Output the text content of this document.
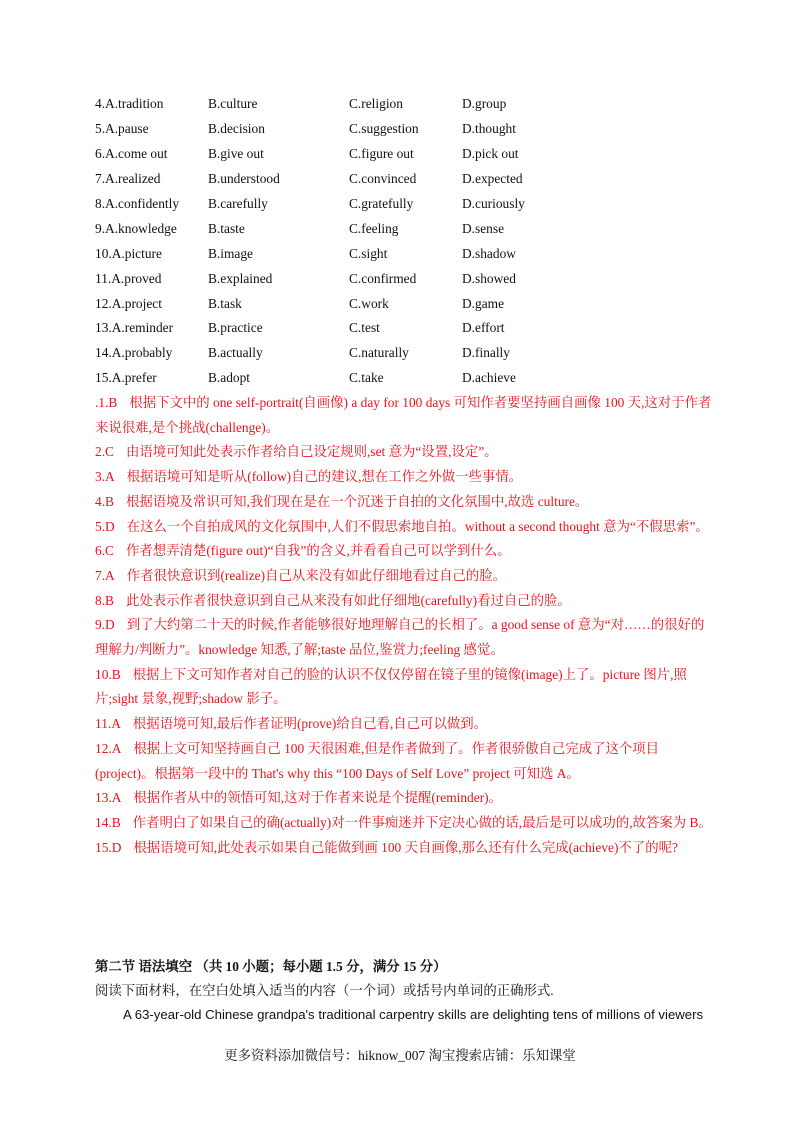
4.A.tradition	B.culture	C.religion	D.group
5.A.pause	B.decision	C.suggestion	D.thought
6.A.come out	B.give out	C.figure out	D.pick out
7.A.realized	B.understood	C.convinced	D.expected
8.A.confidently	B.carefully	C.gratefully	D.curiously
9.A.knowledge	B.taste	C.feeling	D.sense
10.A.picture	B.image	C.sight	D.shadow
11.A.proved	B.explained	C.confirmed	D.showed
12.A.project	B.task	C.work	D.game
13.A.reminder	B.practice	C.test	D.effort
14.A.probably	B.actually	C.naturally	D.finally
15.A.prefer	B.adopt	C.take	D.achieve
.1.B 根据下文中的 one self-portrait(自画像) a day for 100 days 可知作者要坚持画自画像 100 天,这对于作者来说很难,是个挑战(challenge)。
2.C 由语境可知此处表示作者给自己设定规则,set 意为“设置,设定”。
3.A 根据语境可知是听从(follow)自己的建议,想在工作之外做一些事情。
4.B 根据语境及常识可知,我们现在是在一个沉迷于自拍的文化氛围中,故选 culture。
5.D 在这么一个自拍成风的文化氛围中,人们不假思索地自拍。without a second thought 意为“不假思索”。
6.C 作者想弄清楚(figure out)“自我”的含义,并看看自己可以学到什么。
7.A 作者很快意识到(realize)自己从来没有如此仔细地看过自己的脸。
8.B 此处表示作者很快意识到自己从来没有如此仔细地(carefully)看过自己的脸。
9.D 到了大约第二十天的时候,作者能够很好地理解自己的长相了。a good sense of 意为“对……的很好的理解力/判断力”。knowledge 知悉,了解;taste 品位,鉴赏力;feeling 感觉。
10.B 根据上下文可知作者对自己的脸的认识不仅仅停留在镜子里的镜像(image)上了。picture 图片,照片;sight 景象,视野;shadow 影子。
11.A 根据语境可知,最后作者证明(prove)给自己看,自己可以做到。
12.A 根据上文可知坚持画自己 100 天很困难,但是作者做到了。作者很骄傲自己完成了这个项目(project)。根据第一段中的 That's why this “100 Days of Self Love” project 可知选 A。
13.A 根据作者从中的领悟可知,这对于作者来说是个提醒(reminder)。
14.B 作者明白了如果自己的确(actually)对一件事痴迷并下定决心做的话,最后是可以成功的,故答案为 B。
15.D 根据语境可知,此处表示如果自己能做到画 100 天自画像,那么还有什么完成(achieve)不了的呢?
第二节 语法填空 （共 10 小题；每小题 1.5 分，满分 15 分）
阅读下面材料，在空白处填入适当的内容（一个词）或括号内单词的正确形式.
A 63-year-old Chinese grandpa's traditional carpentry skills are delighting tens of millions of viewers
更多资料添加微信号：hiknow_007 淘宝搜索店铺：乐知课堂
